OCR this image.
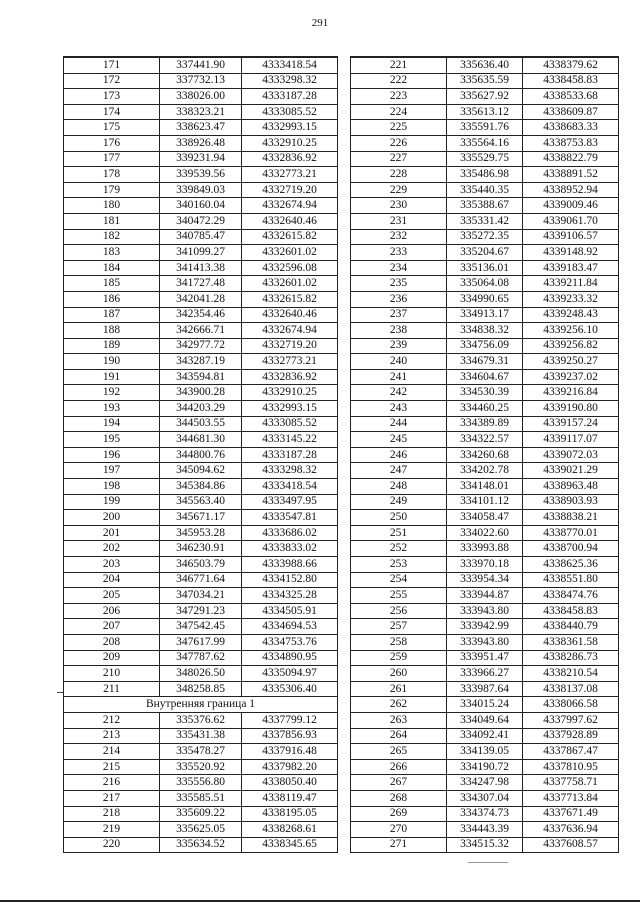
291
171	337441.90	4333418.54
172	337732.13	4333298.32
173	338026.00	4333187.28
174	338323.21	4333085.52
175	338623.47	4332993.15
176	338926.48	4332910.25
177	339231.94	4332836.92
178	339539.56	4332773.21
179	339849.03	4332719.20
180	340160.04	4332674.94
181	340472.29	4332640.46
182	340785.47	4332615.82
183	341099.27	4332601.02
184	341413.38	4332596.08
185	341727.48	4332601.02
186	342041.28	4332615.82
187	342354.46	4332640.46
188	342666.71	4332674.94
189	342977.72	4332719.20
190	343287.19	4332773.21
191	343594.81	4332836.92
192	343900.28	4332910.25
193	344203.29	4332993.15
194	344503.55	4333085.52
195	344681.30	4333145.22
196	344800.76	4333187.28
197	345094.62	4333298.32
198	345384.86	4333418.54
199	345563.40	4333497.95
200	345671.17	4333547.81
201	345953.28	4333686.02
202	346230.91	4333833.02
203	346503.79	4333988.66
204	346771.64	4334152.80
205	347034.21	4334325.28
206	347291.23	4334505.91
207	347542.45	4334694.53
208	347617.99	4334753.76
209	347787.62	4334890.95
210	348026.50	4335094.97
211	348258.85	4335306.40
Внутренняя граница 1		
212	335376.62	4337799.12
213	335431.38	4337856.93
214	335478.27	4337916.48
215	335520.92	4337982.20
216	335556.80	4338050.40
217	335585.51	4338119.47
218	335609.22	4338195.05
219	335625.05	4338268.61
220	335634.52	4338345.65
221	335636.40	4338379.62
222	335635.59	4338458.83
223	335627.92	4338533.68
224	335613.12	4338609.87
225	335591.76	4338683.33
226	335564.16	4338753.83
227	335529.75	4338822.79
228	335486.98	4338891.52
229	335440.35	4338952.94
230	335388.67	4339009.46
231	335331.42	4339061.70
232	335272.35	4339106.57
233	335204.67	4339148.92
234	335136.01	4339183.47
235	335064.08	4339211.84
236	334990.65	4339233.32
237	334913.17	4339248.43
238	334838.32	4339256.10
239	334756.09	4339256.82
240	334679.31	4339250.27
241	334604.67	4339237.02
242	334530.39	4339216.84
243	334460.25	4339190.80
244	334389.89	4339157.24
245	334322.57	4339117.07
246	334260.68	4339072.03
247	334202.78	4339021.29
248	334148.01	4338963.48
249	334101.12	4338903.93
250	334058.47	4338838.21
251	334022.60	4338770.01
252	333993.88	4338700.94
253	333970.18	4338625.36
254	333954.34	4338551.80
255	333944.87	4338474.76
256	333943.80	4338458.83
257	333942.99	4338440.79
258	333943.80	4338361.58
259	333951.47	4338286.73
260	333966.27	4338210.54
261	333987.64	4338137.08
262	334015.24	4338066.58
263	334049.64	4337997.62
264	334092.41	4337928.89
265	334139.05	4337867.47
266	334190.72	4337810.95
267	334247.98	4337758.71
268	334307.04	4337713.84
269	334374.73	4337671.49
270	334443.39	4337636.94
271	334515.32	4337608.57
